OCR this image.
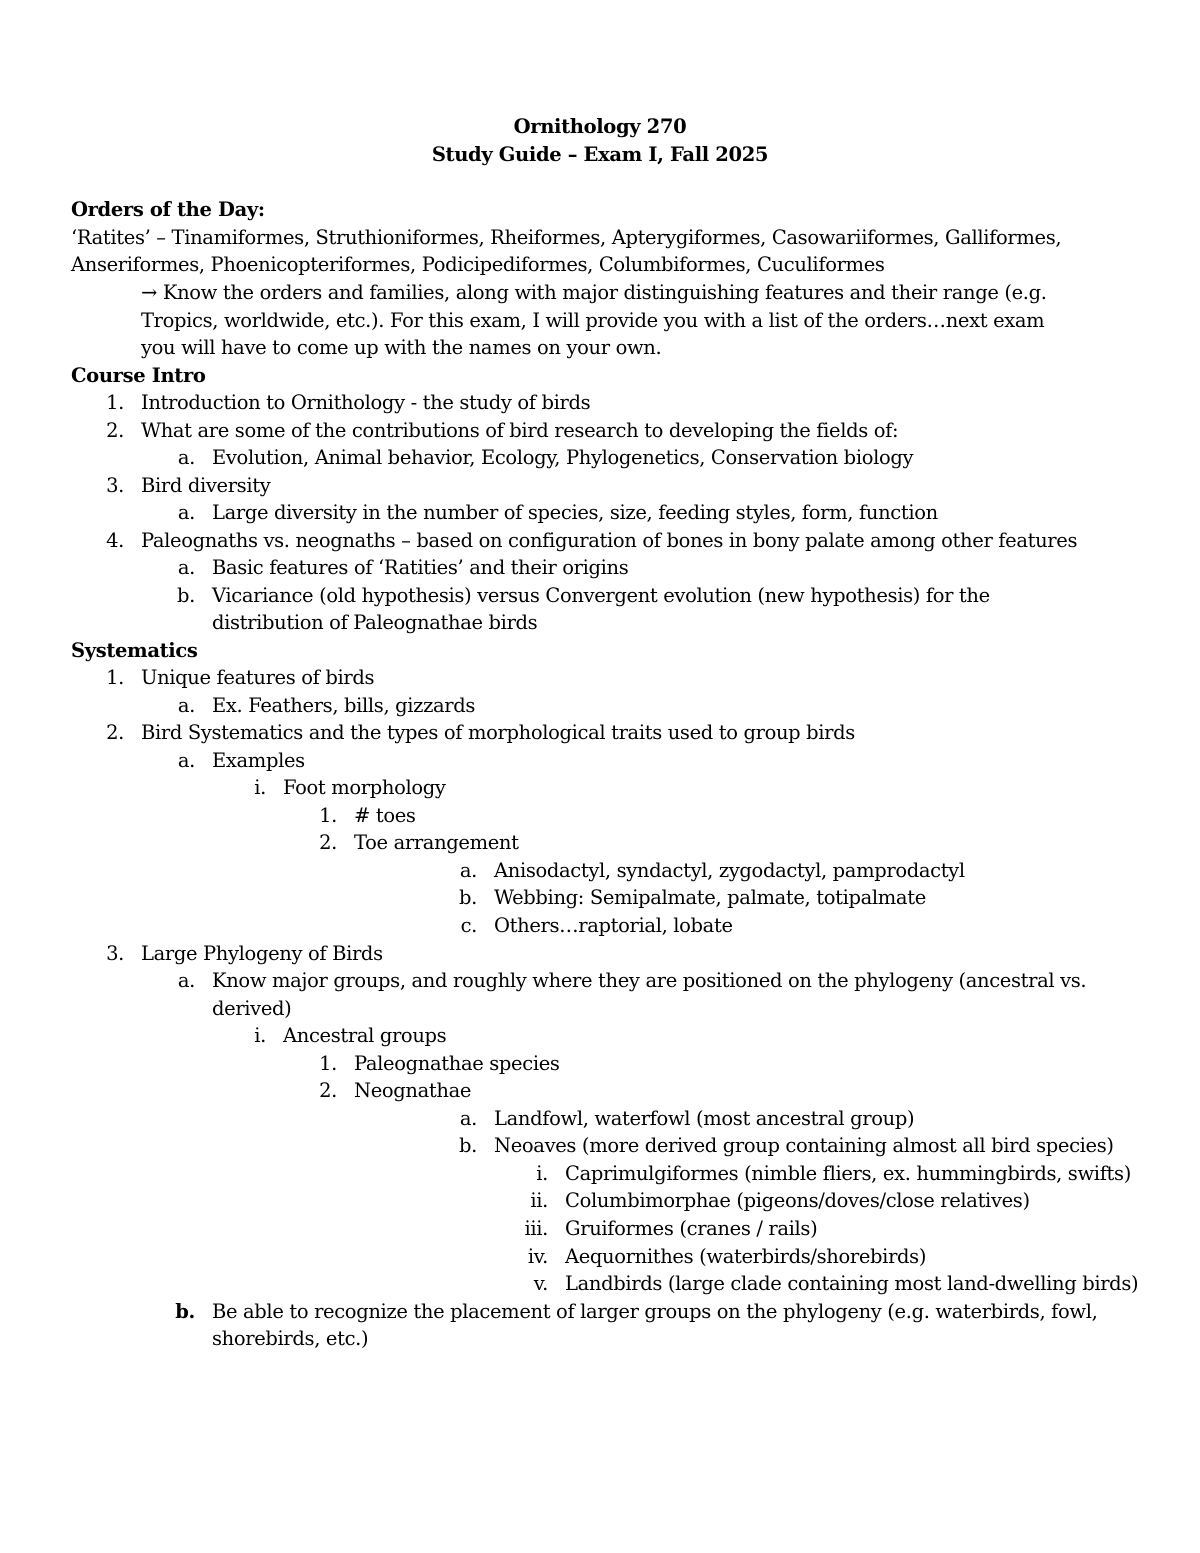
Ornithology 270
Study Guide – Exam I, Fall 2025
Orders of the Day:
‘Ratites’ – Tinamiformes, Struthioniformes, Rheiformes, Apterygiformes, Casowariiformes, Galliformes,
Anseriformes, Phoenicopteriformes, Podicipediformes, Columbiformes, Cuculiformes
→ Know the orders and families, along with major distinguishing features and their range (e.g.
Tropics, worldwide, etc.). For this exam, I will provide you with a list of the orders…next exam
you will have to come up with the names on your own.
Course Intro
1. Introduction to Ornithology - the study of birds
2. What are some of the contributions of bird research to developing the fields of:
a. Evolution, Animal behavior, Ecology, Phylogenetics, Conservation biology
3. Bird diversity
a. Large diversity in the number of species, size, feeding styles, form, function
4. Paleognaths vs. neognaths – based on configuration of bones in bony palate among other features
a. Basic features of ‘Ratities’ and their origins
b. Vicariance (old hypothesis) versus Convergent evolution (new hypothesis) for the
distribution of Paleognathae birds
Systematics
1. Unique features of birds
a. Ex. Feathers, bills, gizzards
2. Bird Systematics and the types of morphological traits used to group birds
a. Examples
i. Foot morphology
1. # toes
2. Toe arrangement
a. Anisodactyl, syndactyl, zygodactyl, pamprodactyl
b. Webbing: Semipalmate, palmate, totipalmate
c. Others…raptorial, lobate
3. Large Phylogeny of Birds
a. Know major groups, and roughly where they are positioned on the phylogeny (ancestral vs.
derived)
i. Ancestral groups
1. Paleognathae species
2. Neognathae
a. Landfowl, waterfowl (most ancestral group)
b. Neoaves (more derived group containing almost all bird species)
i. Caprimulgiformes (nimble fliers, ex. hummingbirds, swifts)
ii. Columbimorphae (pigeons/doves/close relatives)
iii. Gruiformes (cranes / rails)
iv. Aequornithes (waterbirds/shorebirds)
v. Landbirds (large clade containing most land-dwelling birds)
b. Be able to recognize the placement of larger groups on the phylogeny (e.g. waterbirds, fowl,
shorebirds, etc.)
